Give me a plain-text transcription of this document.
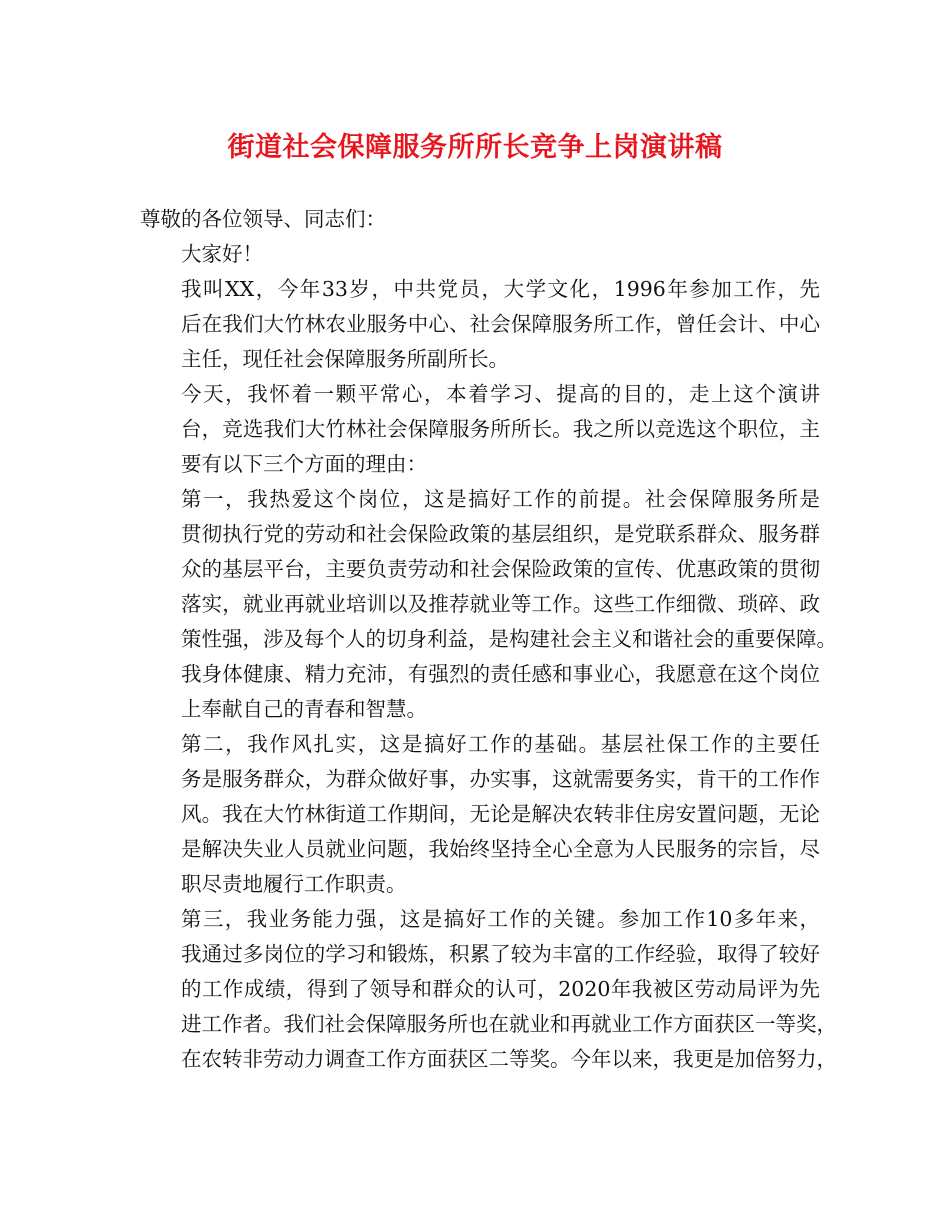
街道社会保障服务所所长竞争上岗演讲稿

尊敬的各位领导、同志们：

大家好！

我叫XX，今年33岁，中共党员，大学文化，1996年参加工作，先
后在我们大竹林农业服务中心、社会保障服务所工作，曾任会计、中心
主任，现任社会保障服务所副所长。

今天，我怀着一颗平常心，本着学习、提高的目的，走上这个演讲
台，竞选我们大竹林社会保障服务所所长。我之所以竞选这个职位，主
要有以下三个方面的理由：

第一，我热爱这个岗位，这是搞好工作的前提。社会保障服务所是
贯彻执行党的劳动和社会保险政策的基层组织，是党联系群众、服务群
众的基层平台，主要负责劳动和社会保险政策的宣传、优惠政策的贯彻
落实，就业再就业培训以及推荐就业等工作。这些工作细微、琐碎、政
策性强，涉及每个人的切身利益，是构建社会主义和谐社会的重要保障。
我身体健康、精力充沛，有强烈的责任感和事业心，我愿意在这个岗位
上奉献自己的青春和智慧。

第二，我作风扎实，这是搞好工作的基础。基层社保工作的主要任
务是服务群众，为群众做好事，办实事，这就需要务实，肯干的工作作
风。我在大竹林街道工作期间，无论是解决农转非住房安置问题，无论
是解决失业人员就业问题，我始终坚持全心全意为人民服务的宗旨，尽
职尽责地履行工作职责。

第三，我业务能力强，这是搞好工作的关键。参加工作10多年来，
我通过多岗位的学习和锻炼，积累了较为丰富的工作经验，取得了较好
的工作成绩，得到了领导和群众的认可，2020年我被区劳动局评为先
进工作者。我们社会保障服务所也在就业和再就业工作方面获区一等奖，
在农转非劳动力调查工作方面获区二等奖。今年以来，我更是加倍努力，
